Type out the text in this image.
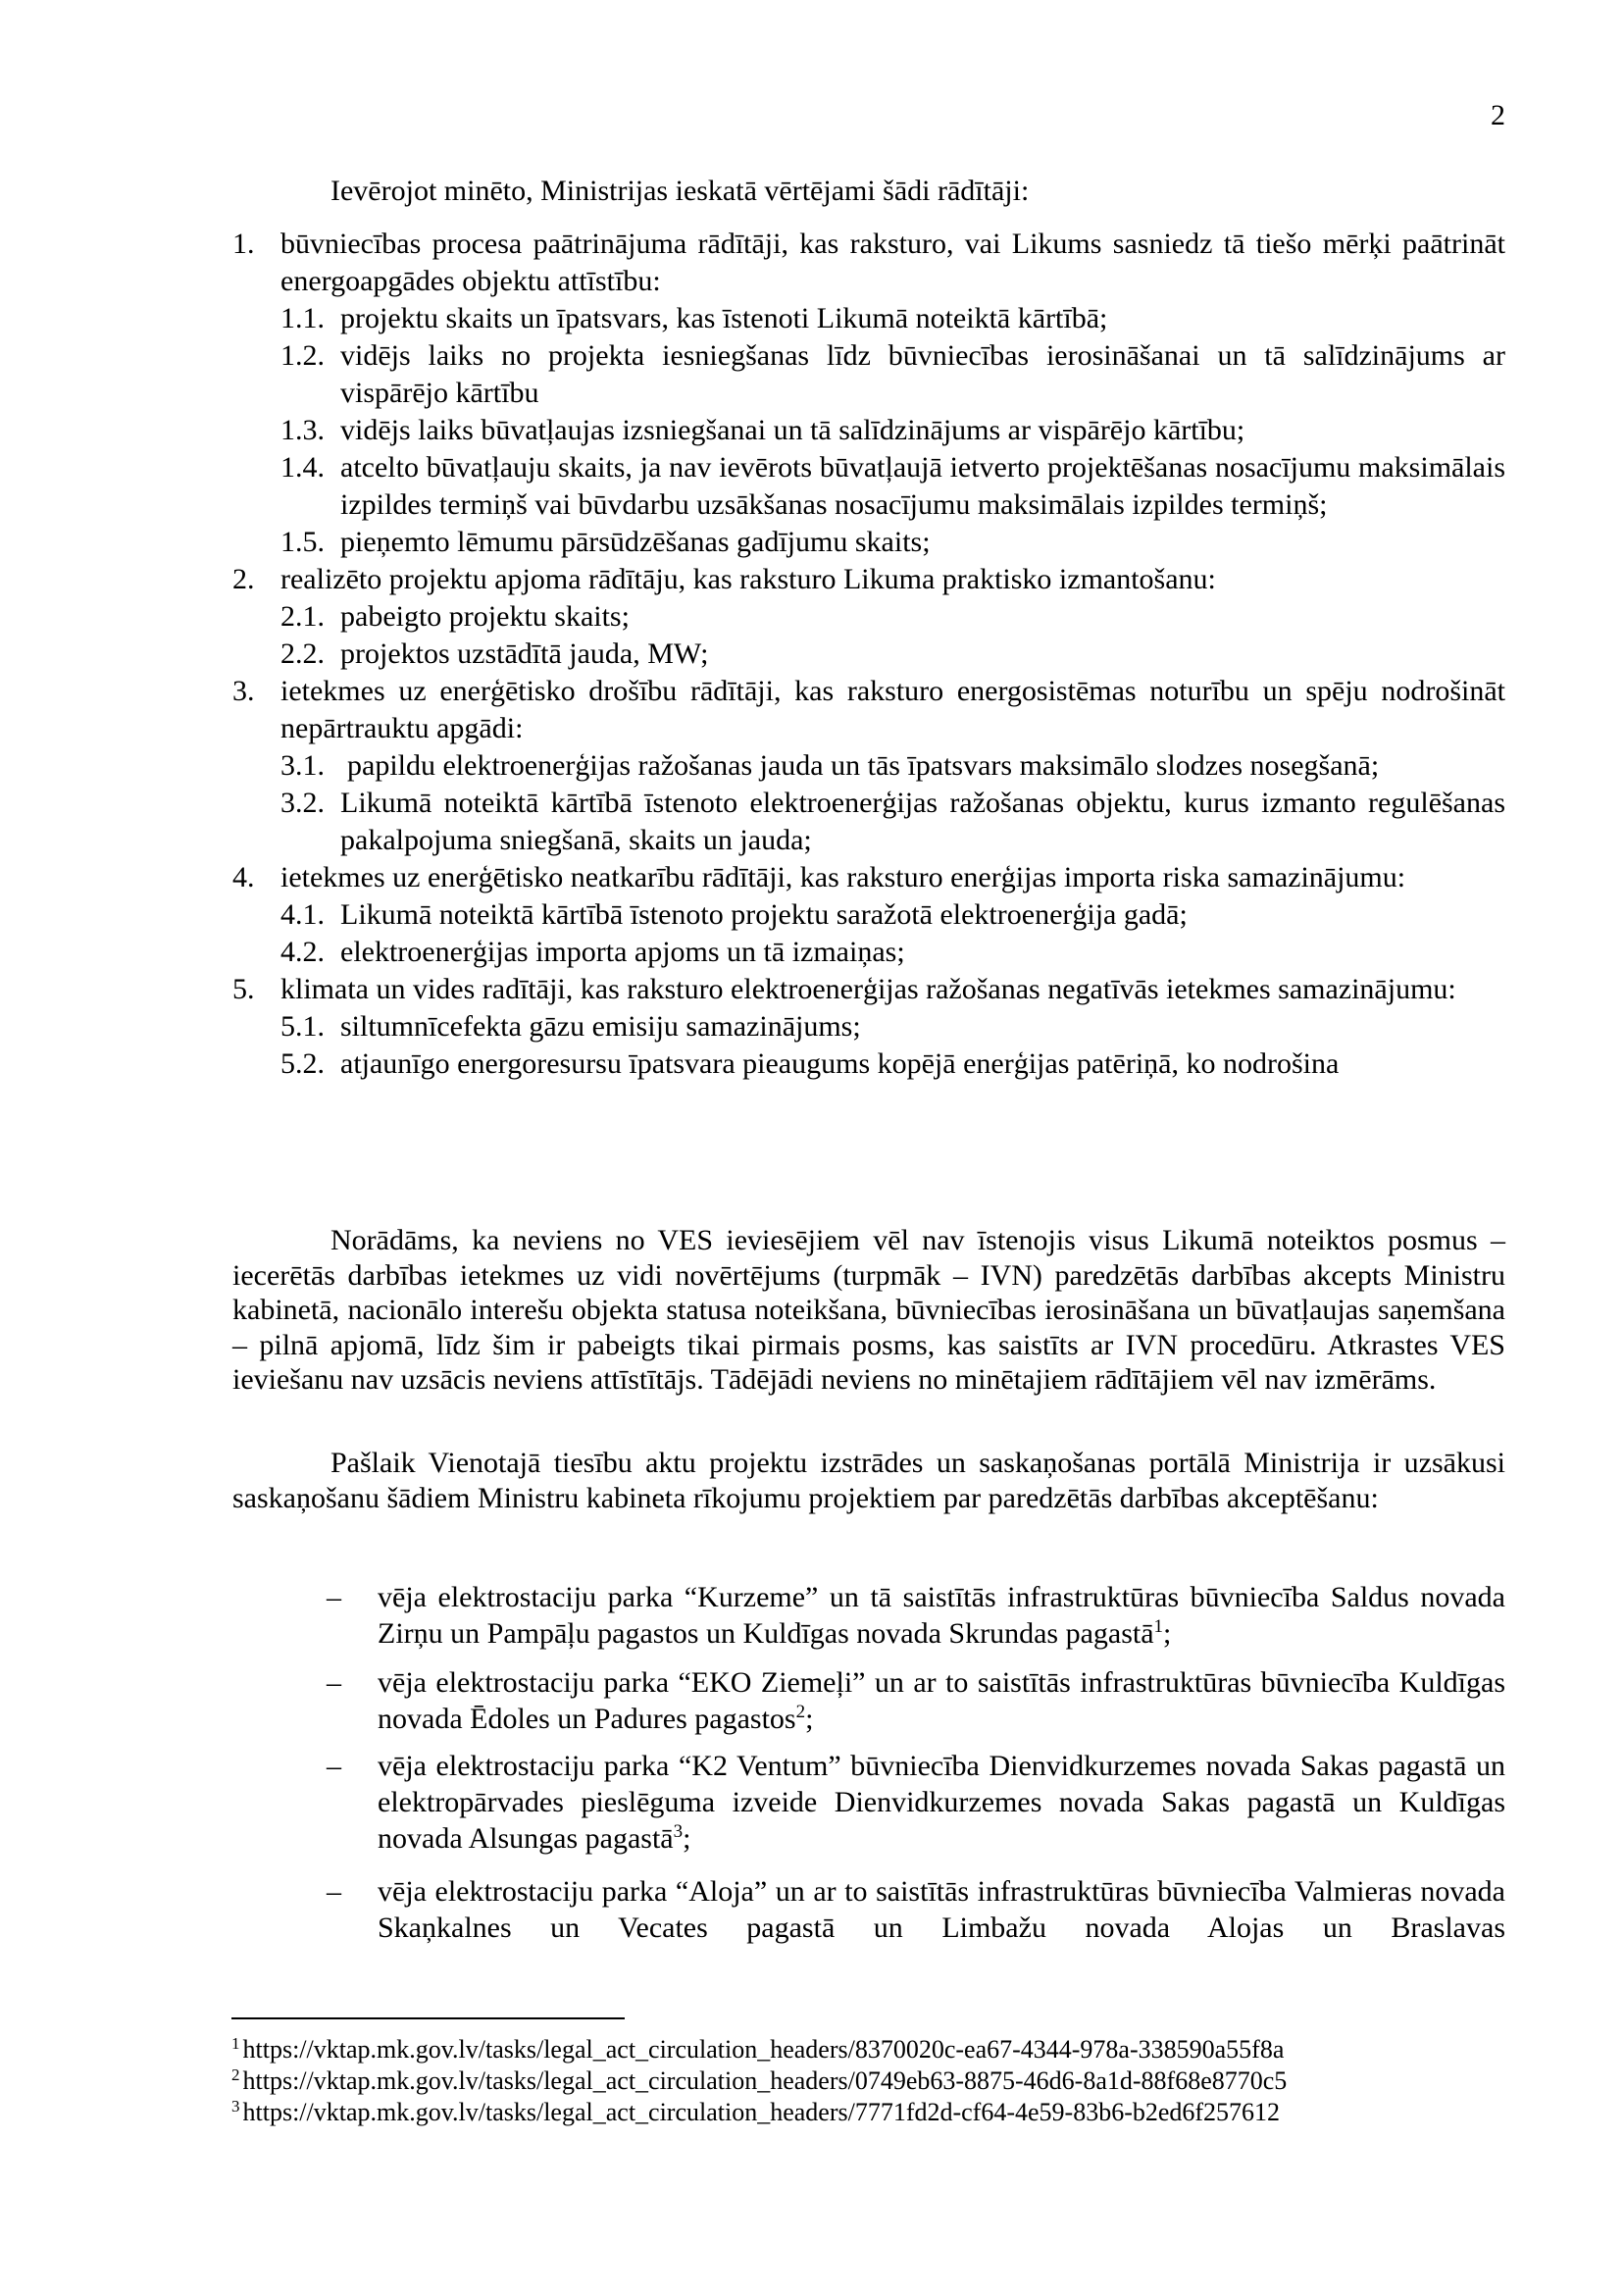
2
Ievērojot minēto, Ministrijas ieskatā vērtējami šādi rādītāji:
1. būvniecības procesa paātrinājuma rādītāji, kas raksturo, vai Likums sasniedz tā tiešo mērķi paātrināt energoapgādes objektu attīstību:
1.1. projektu skaits un īpatsvars, kas īstenoti Likumā noteiktā kārtībā;
1.2. vidējs laiks no projekta iesniegšanas līdz būvniecības ierosināšanai un tā salīdzinājums ar vispārējo kārtību
1.3. vidējs laiks būvatļaujas izsniegšanai un tā salīdzinājums ar vispārējo kārtību;
1.4. atcelto būvatļauju skaits, ja nav ievērots būvatļaujā ietverto projektēšanas nosacījumu maksimālais izpildes termiņš vai būvdarbu uzsākšanas nosacījumu maksimālais izpildes termiņš;
1.5. pieņemto lēmumu pārsūdzēšanas gadījumu skaits;
2. realizēto projektu apjoma rādītāju, kas raksturo Likuma praktisko izmantošanu:
2.1. pabeigto projektu skaits;
2.2. projektos uzstādītā jauda, MW;
3. ietekmes uz enerģētisko drošību rādītāji, kas raksturo energosistēmas noturību un spēju nodrošināt nepārtrauktu apgādi:
3.1. papildu elektroenerģijas ražošanas jauda un tās īpatsvars maksimālo slodzes nosegšanā;
3.2. Likumā noteiktā kārtībā īstenoto elektroenerģijas ražošanas objektu, kurus izmanto regulēšanas pakalpojuma sniegšanā, skaits un jauda;
4. ietekmes uz enerģētisko neatkarību rādītāji, kas raksturo enerģijas importa riska samazinājumu:
4.1. Likumā noteiktā kārtībā īstenoto projektu saražotā elektroenerģija gadā;
4.2. elektroenerģijas importa apjoms un tā izmaiņas;
5. klimata un vides radītāji, kas raksturo elektroenerģijas ražošanas negatīvās ietekmes samazinājumu:
5.1. siltumnīcefekta gāzu emisiju samazinājums;
5.2. atjaunīgo energoresursu īpatsvara pieaugums kopējā enerģijas patēriņā, ko nodrošina
Norādāms, ka neviens no VES ieviesējiem vēl nav īstenojis visus Likumā noteiktos posmus – iecerētās darbības ietekmes uz vidi novērtējums (turpmāk – IVN) paredzētās darbības akcepts Ministru kabinetā, nacionālo interešu objekta statusa noteikšana, būvniecības ierosināšana un būvatļaujas saņemšana – pilnā apjomā, līdz šim ir pabeigts tikai pirmais posms, kas saistīts ar IVN procedūru. Atkrastes VES ieviešanu nav uzsācis neviens attīstītājs. Tādējādi neviens no minētajiem rādītājiem vēl nav izmērāms.
Pašlaik Vienotajā tiesību aktu projektu izstrādes un saskaņošanas portālā Ministrija ir uzsākusi saskaņošanu šādiem Ministru kabineta rīkojumu projektiem par paredzētās darbības akceptēšanu:
–	vēja elektrostaciju parka “Kurzeme” un tā saistītās infrastruktūras būvniecība Saldus novada Zirņu un Pampāļu pagastos un Kuldīgas novada Skrundas pagastā$^1$;
–	vēja elektrostaciju parka “EKO Ziemeļi” un ar to saistītās infrastruktūras būvniecība Kuldīgas novada Ēdoles un Padures pagastos$^2$;
–	vēja elektrostaciju parka “K2 Ventum” būvniecība Dienvidkurzemes novada Sakas pagastā un elektropārvades pieslēguma izveide Dienvidkurzemes novada Sakas pagastā un Kuldīgas novada Alsungas pagastā$^3$;
–	vēja elektrostaciju parka “Aloja” un ar to saistītās infrastruktūras būvniecība Valmieras novada Skaņkalnes un Vecates pagastā un Limbažu novada Alojas un Braslavas
$^1$ https://vktap.mk.gov.lv/tasks/legal_act_circulation_headers/8370020c-ea67-4344-978a-338590a55f8a
$^2$ https://vktap.mk.gov.lv/tasks/legal_act_circulation_headers/0749eb63-8875-46d6-8a1d-88f68e8770c5
$^3$ https://vktap.mk.gov.lv/tasks/legal_act_circulation_headers/7771fd2d-cf64-4e59-83b6-b2ed6f257612
